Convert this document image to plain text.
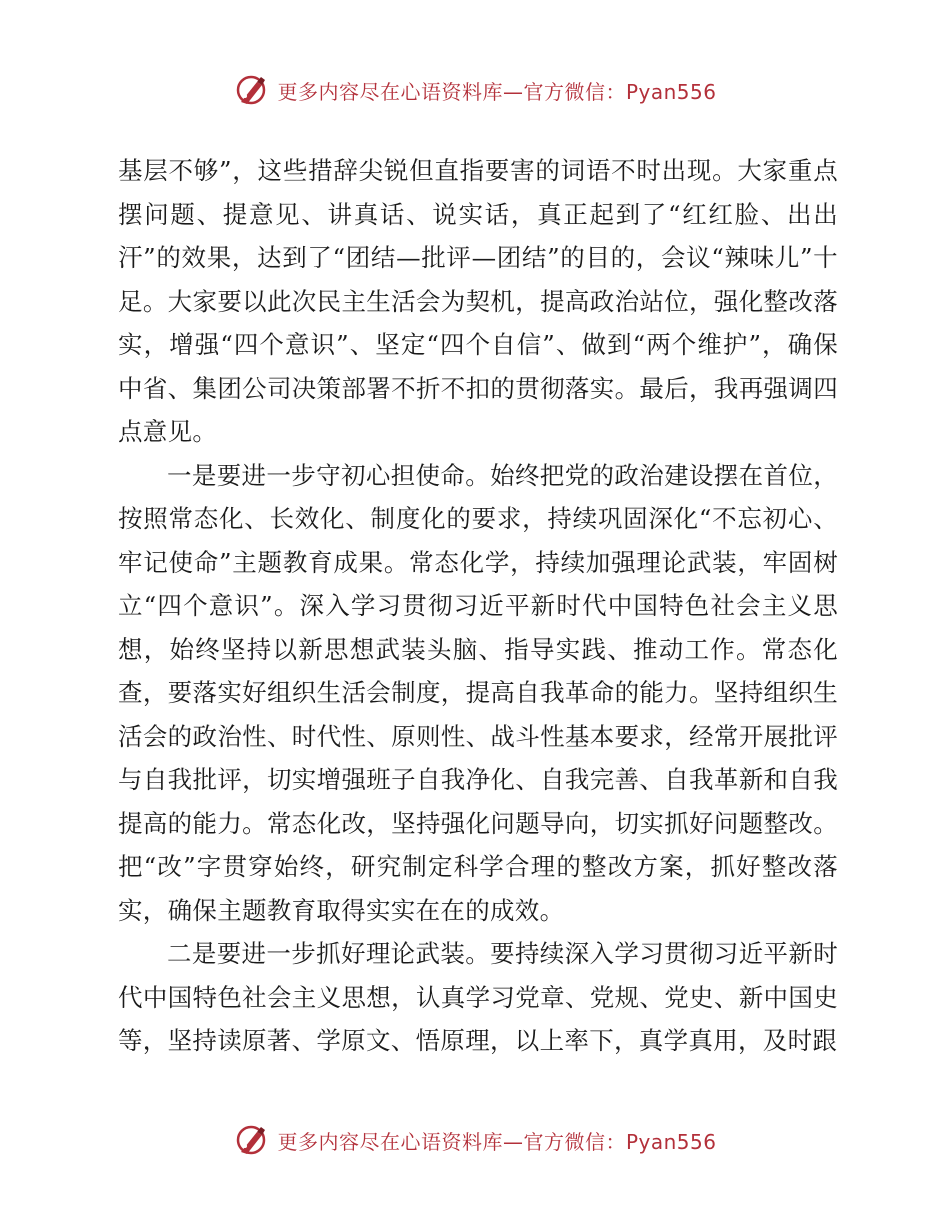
更多内容尽在心语资料库—官方微信：Pyan556

基层不够”，这些措辞尖锐但直指要害的词语不时出现。大家重点摆问题、提意见、讲真话、说实话，真正起到了“红红脸、出出汗”的效果，达到了“团结—批评—团结”的目的，会议“辣味儿”十足。大家要以此次民主生活会为契机，提高政治站位，强化整改落实，增强“四个意识”、坚定“四个自信”、做到“两个维护”，确保中省、集团公司决策部署不折不扣的贯彻落实。最后，我再强调四点意见。

一是要进一步守初心担使命。始终把党的政治建设摆在首位，按照常态化、长效化、制度化的要求，持续巩固深化“不忘初心、牢记使命”主题教育成果。常态化学，持续加强理论武装，牢固树立“四个意识”。深入学习贯彻习近平新时代中国特色社会主义思想，始终坚持以新思想武装头脑、指导实践、推动工作。常态化查，要落实好组织生活会制度，提高自我革命的能力。坚持组织生活会的政治性、时代性、原则性、战斗性基本要求，经常开展批评与自我批评，切实增强班子自我净化、自我完善、自我革新和自我提高的能力。常态化改，坚持强化问题导向，切实抓好问题整改。把“改”字贯穿始终，研究制定科学合理的整改方案，抓好整改落实，确保主题教育取得实实在在的成效。

二是要进一步抓好理论武装。要持续深入学习贯彻习近平新时代中国特色社会主义思想，认真学习党章、党规、党史、新中国史等，坚持读原著、学原文、悟原理，以上率下，真学真用，及时跟

更多内容尽在心语资料库—官方微信：Pyan556
